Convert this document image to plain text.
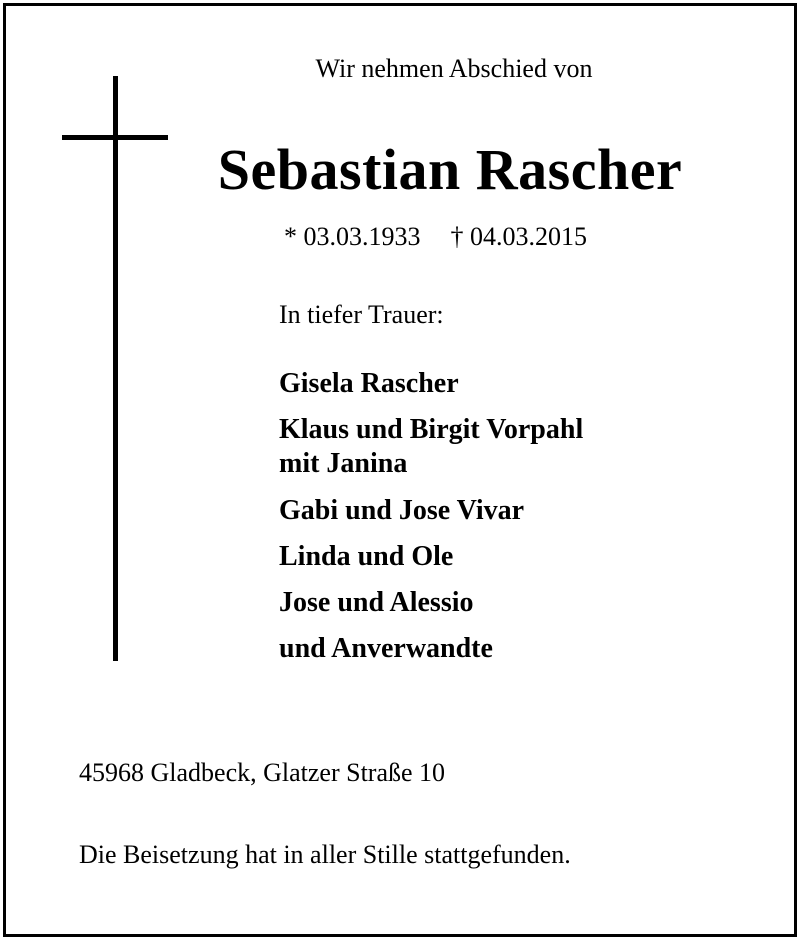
Wir nehmen Abschied von
Sebastian Rascher
* 03.03.1933 † 04.03.2015
In tiefer Trauer:
Gisela Rascher
Klaus und Birgit Vorpahl
mit Janina
Gabi und Jose Vivar
Linda und Ole
Jose und Alessio
und Anverwandte
45968 Gladbeck, Glatzer Straße 10
Die Beisetzung hat in aller Stille stattgefunden.
